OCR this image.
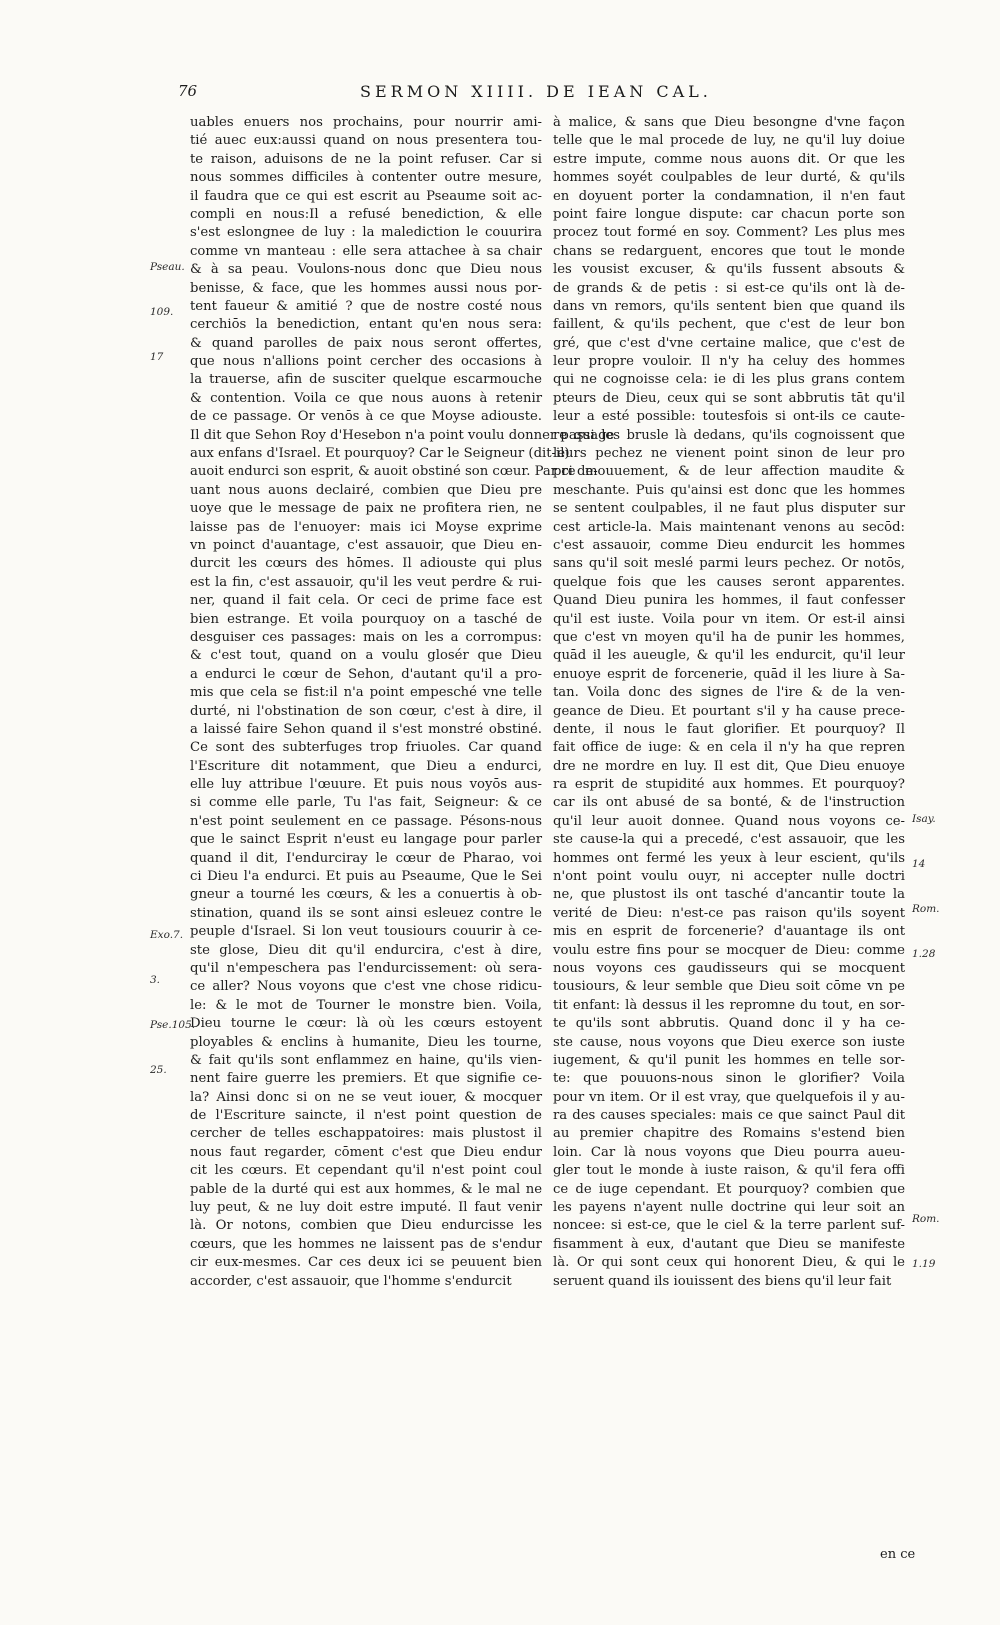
76	SERMON XIIII. DE IEAN CAL.
uables enuers nos prochains, pour nourrir ami-
tié auec eux:aussi quand on nous presentera tou-
te raison, aduisons de ne la point refuser. Car si
nous sommes difficiles à contenter outre mesure,
il faudra que ce qui est escrit au Pseaume soit ac-
compli en nous:Il a refusé benediction, & elle
s'est eslongnee de luy : la malediction le couurira
comme vn manteau : elle sera attachee à sa chair
& à sa peau. Voulons-nous donc que Dieu nous
benisse, & face, que les hommes aussi nous por-
tent faueur & amitié ? que de nostre costé nous
cerchiōs la benediction, entant qu'en nous sera:
& quand parolles de paix nous seront offertes,
que nous n'allions point cercher des occasions à
la trauerse, afin de susciter quelque escarmouche
& contention. Voila ce que nous auons à retenir
de ce passage. Or venōs à ce que Moyse adiouste.
Il dit que Sehon Roy d'Hesebon n'a point voulu donner passage
aux enfans d'Israel. Et pourquoy? Car le Seigneur (dit-il)
auoit endurci son esprit, & auoit obstiné son cœur. Par ci de-
uant nous auons declairé, combien que Dieu pre
uoye que le message de paix ne profitera rien, ne
laisse pas de l'enuoyer: mais ici Moyse exprime
vn poinct d'auantage, c'est assauoir, que Dieu en-
durcit les cœurs des hōmes. Il adiouste qui plus
est la fin, c'est assauoir, qu'il les veut perdre & rui-
ner, quand il fait cela. Or ceci de prime face est
bien estrange. Et voila pourquoy on a tasché de
desguiser ces passages: mais on les a corrompus:
& c'est tout, quand on a voulu glosér que Dieu
a endurci le cœur de Sehon, d'autant qu'il a pro-
mis que cela se fist:il n'a point empesché vne telle
durté, ni l'obstination de son cœur, c'est à dire, il
a laissé faire Sehon quand il s'est monstré obstiné.
Ce sont des subterfuges trop friuoles. Car quand
l'Escriture dit notamment, que Dieu a endurci,
elle luy attribue l'œuure. Et puis nous voyōs aus-
si comme elle parle, Tu l'as fait, Seigneur: & ce
n'est point seulement en ce passage. Pésons-nous
que le sainct Esprit n'eust eu langage pour parler
quand il dit, I'endurciray le cœur de Pharao, voi
ci Dieu l'a endurci. Et puis au Pseaume, Que le Sei
gneur a tourné les cœurs, & les a conuertis à ob-
stination, quand ils se sont ainsi esleuez contre le
peuple d'Israel. Si lon veut tousiours couurir à ce-
ste glose, Dieu dit qu'il endurcira, c'est à dire,
qu'il n'empeschera pas l'endurcissement: où sera-
ce aller? Nous voyons que c'est vne chose ridicu-
le: & le mot de Tourner le monstre bien. Voila,
Dieu tourne le cœur: là où les cœurs estoyent
ployables & enclins à humanite, Dieu les tourne,
& fait qu'ils sont enflammez en haine, qu'ils vien-
nent faire guerre les premiers. Et que signifie ce-
la? Ainsi donc si on ne se veut iouer, & mocquer
de l'Escriture saincte, il n'est point question de
cercher de telles eschappatoires: mais plustost il
nous faut regarder, cōment c'est que Dieu endur
cit les cœurs. Et cependant qu'il n'est point coul
pable de la durté qui est aux hommes, & le mal ne
luy peut, & ne luy doit estre imputé. Il faut venir
là. Or notons, combien que Dieu endurcisse les
cœurs, que les hommes ne laissent pas de s'endur
cir eux-mesmes. Car ces deux ici se peuuent bien
accorder, c'est assauoir, que l'homme s'endurcit
à malice, & sans que Dieu besongne d'vne façon
telle que le mal procede de luy, ne qu'il luy doiue
estre impute, comme nous auons dit. Or que les
hommes soyét coulpables de leur durté, & qu'ils
en doyuent porter la condamnation, il n'en faut
point faire longue dispute: car chacun porte son
procez tout formé en soy. Comment? Les plus mes
chans se redarguent, encores que tout le monde
les vousist excuser, & qu'ils fussent absouts &
de grands & de petis : si est-ce qu'ils ont là de-
dans vn remors, qu'ils sentent bien que quand ils
faillent, & qu'ils pechent, que c'est de leur bon
gré, que c'est d'vne certaine malice, que c'est de
leur propre vouloir. Il n'y ha celuy des hommes
qui ne cognoisse cela: ie di les plus grans contem
pteurs de Dieu, ceux qui se sont abbrutis tāt qu'il
leur a esté possible: toutesfois si ont-ils ce caute-
re qui les brusle là dedans, qu'ils cognoissent que
leurs pechez ne vienent point sinon de leur pro
pre mouuement, & de leur affection maudite &
meschante. Puis qu'ainsi est donc que les hommes
se sentent coulpables, il ne faut plus disputer sur
cest article-la. Mais maintenant venons au secōd:
c'est assauoir, comme Dieu endurcit les hommes
sans qu'il soit meslé parmi leurs pechez. Or notōs,
quelque fois que les causes seront apparentes.
Quand Dieu punira les hommes, il faut confesser
qu'il est iuste. Voila pour vn item. Or est-il ainsi
que c'est vn moyen qu'il ha de punir les hommes,
quād il les aueugle, & qu'il les endurcit, qu'il leur
enuoye esprit de forcenerie, quād il les liure à Sa-
tan. Voila donc des signes de l'ire & de la ven-
geance de Dieu. Et pourtant s'il y ha cause prece-
dente, il nous le faut glorifier. Et pourquoy? Il
fait office de iuge: & en cela il n'y ha que repren
dre ne mordre en luy. Il est dit, Que Dieu enuoye
ra esprit de stupidité aux hommes. Et pourquoy?
car ils ont abusé de sa bonté, & de l'instruction
qu'il leur auoit donnee. Quand nous voyons ce-
ste cause-la qui a precedé, c'est assauoir, que les
hommes ont fermé les yeux à leur escient, qu'ils
n'ont point voulu ouyr, ni accepter nulle doctri
ne, que plustost ils ont tasché d'ancantir toute la
verité de Dieu: n'est-ce pas raison qu'ils soyent
mis en esprit de forcenerie? d'auantage ils ont
voulu estre fins pour se mocquer de Dieu: comme
nous voyons ces gaudisseurs qui se mocquent
tousiours, & leur semble que Dieu soit cōme vn pe
tit enfant: là dessus il les repromne du tout, en sor-
te qu'ils sont abbrutis. Quand donc il y ha ce-
ste cause, nous voyons que Dieu exerce son iuste
iugement, & qu'il punit les hommes en telle sor-
te: que pouuons-nous sinon le glorifier? Voila
pour vn item. Or il est vray, que quelquefois il y au-
ra des causes speciales: mais ce que sainct Paul dit
au premier chapitre des Romains s'estend bien
loin. Car là nous voyons que Dieu pourra aueu-
gler tout le monde à iuste raison, & qu'il fera offi
ce de iuge cependant. Et pourquoy? combien que
les payens n'ayent nulle doctrine qui leur soit an
noncee: si est-ce, que le ciel & la terre parlent suf-
fisamment à eux, d'autant que Dieu se manifeste
là. Or qui sont ceux qui honorent Dieu, & qui le
seruent quand ils iouissent des biens qu'il leur fait

Pseau.

109.

17

Exo.7.

3.

Pse.105.

25.

Isay.

14

Rom.

1.28

Rom.

1.19

en ce
